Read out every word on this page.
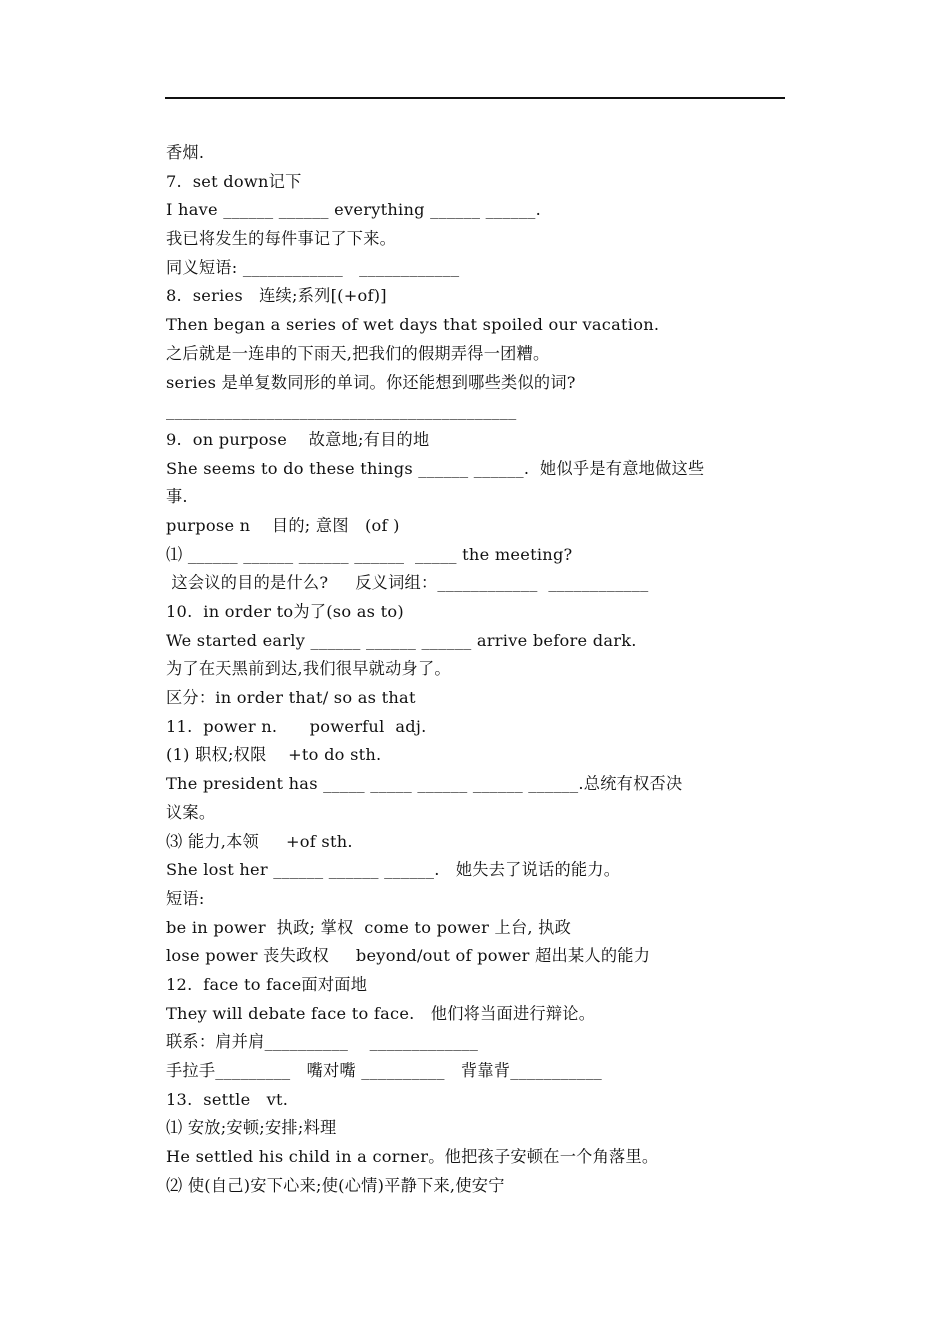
香烟.
7.  set down记下
I have ______ ______ everything ______ ______.
我已将发生的每件事记了下来。
同义短语: ____________   ____________
8.  series   连续;系列[(+of)]
Then began a series of wet days that spoiled our vacation.
之后就是一连串的下雨天,把我们的假期弄得一团糟。
series 是单复数同形的单词。你还能想到哪些类似的词?
__________________________________________
9.  on purpose    故意地;有目的地
She seems to do these things ______ ______.  她似乎是有意地做这些
事.
purpose n    目的; 意图   (of )
⑴ ______ ______ ______ ______  _____ the meeting?
这会议的目的是什么?     反义词组：____________  ____________
10.  in order to为了(so as to)
We started early ______ ______ ______ arrive before dark.
为了在天黑前到达,我们很早就动身了。
区分：in order that/ so as that
11.  power n.      powerful  adj.
(1) 职权;权限    +to do sth.
The president has _____ _____ ______ ______ ______.总统有权否决
议案。
⑶ 能力,本领     +of sth.
She lost her ______ ______ ______.   她失去了说话的能力。
短语:
be in power  执政; 掌权  come to power 上台, 执政
lose power 丧失政权     beyond/out of power 超出某人的能力
12.  face to face面对面地
They will debate face to face.   他们将当面进行辩论。
联系：肩并肩__________    _____________
手拉手_________   嘴对嘴 __________   背靠背___________
13.  settle   vt.
⑴ 安放;安顿;安排;料理
He settled his child in a corner。他把孩子安顿在一个角落里。
⑵ 使(自己)安下心来;使(心情)平静下来,使安宁
